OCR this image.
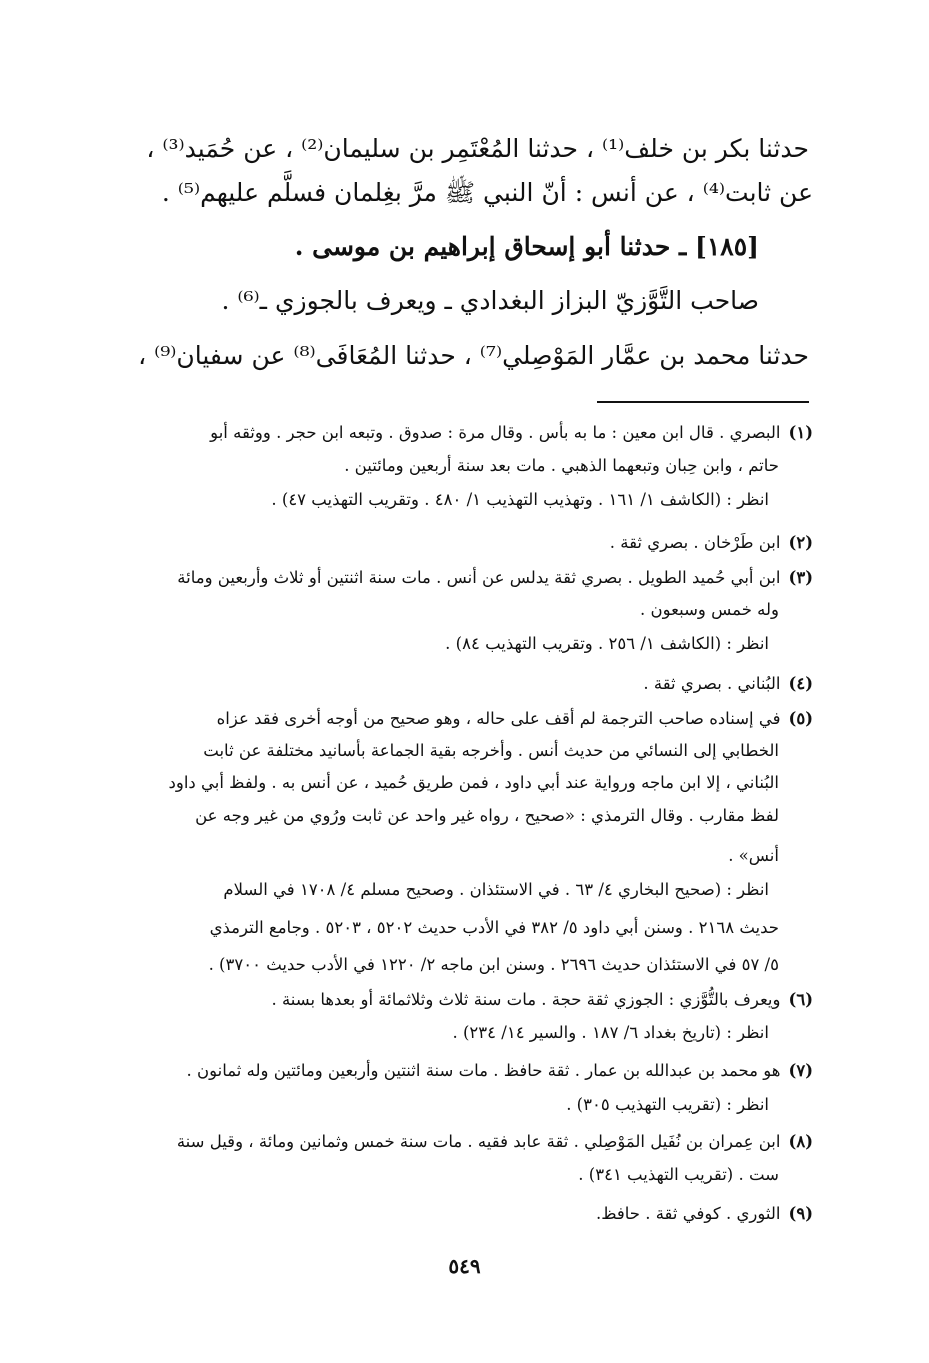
حدثنا بكر بن خلف⁽¹⁾ ، حدثنا المُعْتَمِر بن سليمان⁽²⁾ ، عن حُمَيد⁽³⁾ ،
عن ثابت⁽⁴⁾ ، عن أنس : أنّ النبي ﷺ مرَّ بغِلمان فسلَّم عليهم⁽⁵⁾ .
[١٨٥] ـ حدثنا أبو إسحاق إبراهيم بن موسى .
صاحب التَّوَّزيّ البزاز البغدادي ـ ويعرف بالجوزي ـ⁽⁶⁾ .
حدثنا محمد بن عمَّار المَوْصِلي⁽⁷⁾ ، حدثنا المُعَافَى⁽⁸⁾ عن سفيان⁽⁹⁾ ،
(١)البصري . قال ابن معين : ما به بأس . وقال مرة : صدوق . وتبعه ابن حجر . ووثقه أبو
حاتم ، وابن حِبان وتبعهما الذهبي . مات بعد سنة أربعين ومائتين .
انظر : (الكاشف ١/ ١٦١ . وتهذيب التهذيب ١/ ٤٨٠ . وتقريب التهذيب ٤٧) .
(٢)ابن طَرْخان . بصري ثقة .
(٣)ابن أبي حُميد الطويل . بصري ثقة يدلس عن أنس . مات سنة اثنتين أو ثلاث وأربعين ومائة
وله خمس وسبعون .
انظر : (الكاشف ١/ ٢٥٦ . وتقريب التهذيب ٨٤) .
(٤)البُناني . بصري ثقة .
(٥)في إسناده صاحب الترجمة لم أقف على حاله ، وهو صحيح من أوجه أخرى فقد عزاه
الخطابي إلى النسائي من حديث أنس . وأخرجه بقية الجماعة بأسانيد مختلفة عن ثابت
البُناني ، إلا ابن ماجه ورواية عند أبي داود ، فمن طريق حُميد ، عن أنس به . ولفظ أبي داود
لفظ مقارب . وقال الترمذي : «صحيح ، رواه غير واحد عن ثابت ورُوي من غير وجه عن
أنس» .
انظر : (صحيح البخاري ٤/ ٦٣ . في الاستئذان . وصحيح مسلم ٤/ ١٧٠٨ في السلام
حديث ٢١٦٨ . وسنن أبي داود ٥/ ٣٨٢ في الأدب حديث ٥٢٠٢ ، ٥٢٠٣ . وجامع الترمذي
٥/ ٥٧ في الاستئذان حديث ٢٦٩٦ . وسنن ابن ماجه ٢/ ١٢٢٠ في الأدب حديث ٣٧٠٠) .
(٦)ويعرف بالتُّوَّزي : الجوزي ثقة حجة . مات سنة ثلاث وثلاثمائة أو بعدها بسنة .
انظر : (تاريخ بغداد ٦/ ١٨٧ . والسير ١٤/ ٢٣٤) .
(٧)هو محمد بن عبدالله بن عمار . ثقة حافظ . مات سنة اثنتين وأربعين ومائتين وله ثمانون .
انظر : (تقريب التهذيب ٣٠٥) .
(٨)ابن عِمران بن نُفَيل المَوْصِلي . ثقة عابد فقيه . مات سنة خمس وثمانين ومائة ، وقيل سنة
ست . (تقريب التهذيب ٣٤١) .
(٩)الثوري . كوفي ثقة . حافظ.
٥٤٩
